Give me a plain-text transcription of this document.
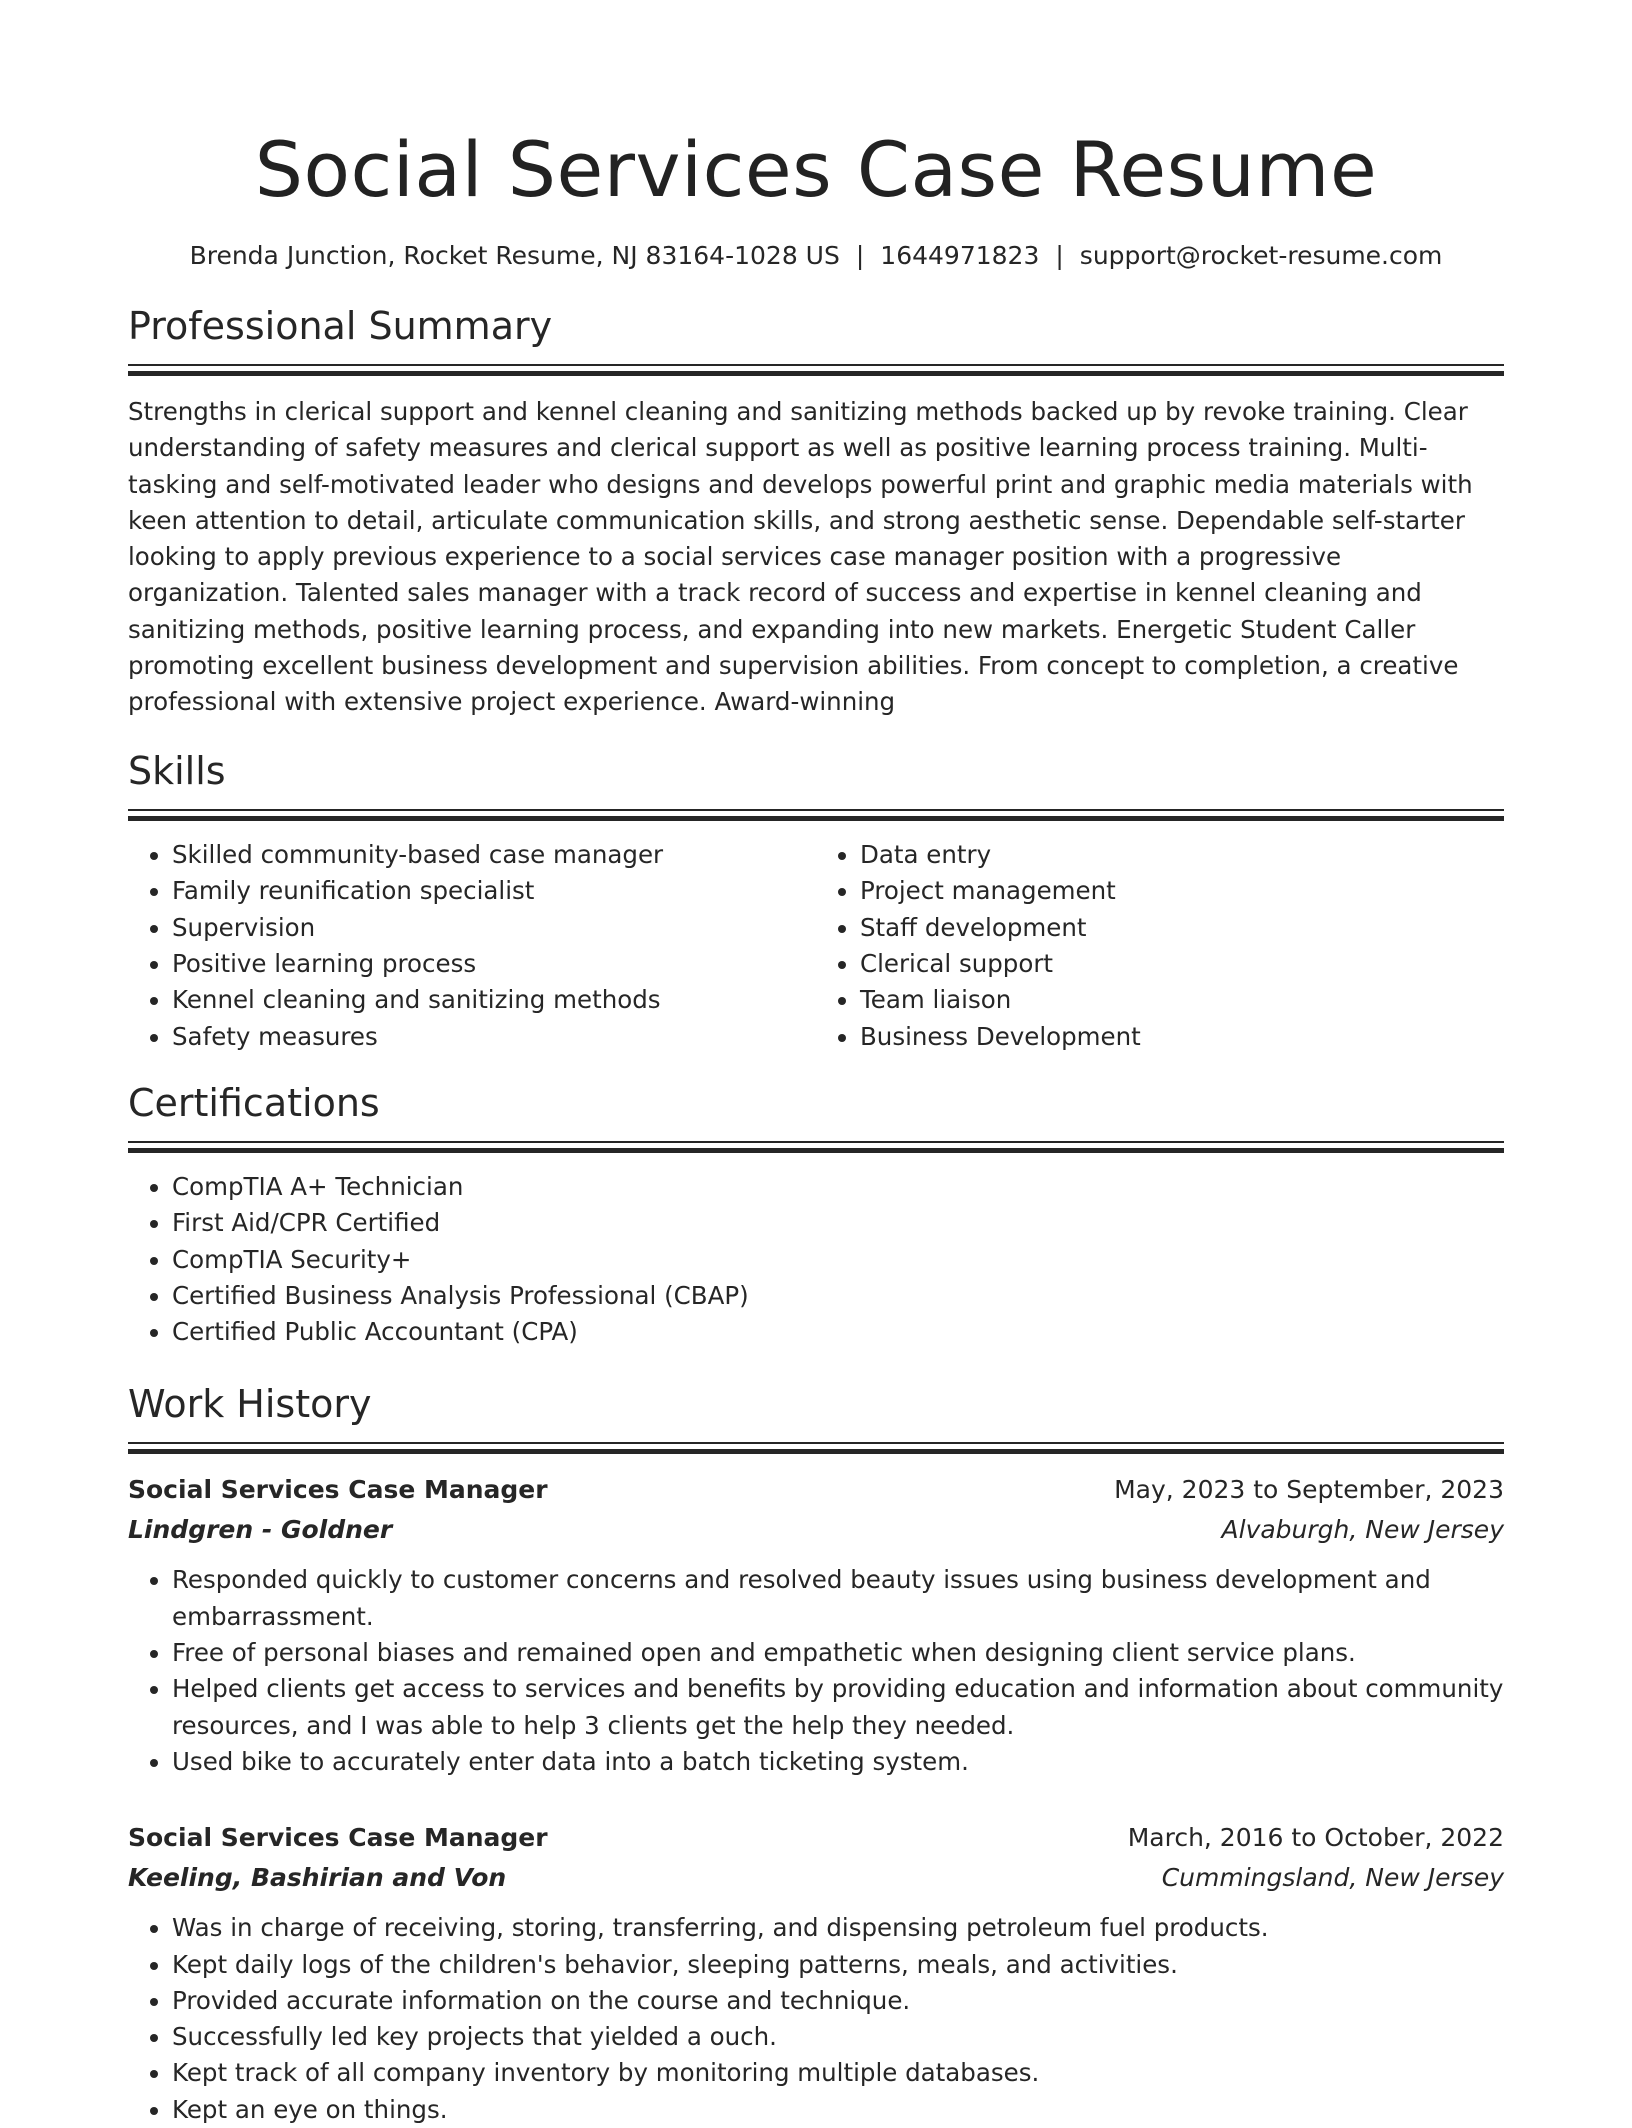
Social Services Case Resume
Brenda Junction, Rocket Resume, NJ 83164-1028 US | 1644971823 | support@rocket-resume.com
Professional Summary

Strengths in clerical support and kennel cleaning and sanitizing methods backed up by revoke training. Clear understanding of safety measures and clerical support as well as positive learning process training. Multi-tasking and self-motivated leader who designs and develops powerful print and graphic media materials with keen attention to detail, articulate communication skills, and strong aesthetic sense. Dependable self-starter looking to apply previous experience to a social services case manager position with a progressive organization. Talented sales manager with a track record of success and expertise in kennel cleaning and sanitizing methods, positive learning process, and expanding into new markets. Energetic Student Caller promoting excellent business development and supervision abilities. From concept to completion, a creative professional with extensive project experience. Award-winning

Skills
• Skilled community-based case manager
• Family reunification specialist
• Supervision
• Positive learning process
• Kennel cleaning and sanitizing methods
• Safety measures
• Data entry
• Project management
• Staff development
• Clerical support
• Team liaison
• Business Development
Certifications
• CompTIA A+ Technician
• First Aid/CPR Certified
• CompTIA Security+
• Certified Business Analysis Professional (CBAP)
• Certified Public Accountant (CPA)
Work History
Social Services Case Manager	May, 2023 to September, 2023
Lindgren - Goldner	Alvaburgh, New Jersey
• Responded quickly to customer concerns and resolved beauty issues using business development and embarrassment.
• Free of personal biases and remained open and empathetic when designing client service plans.
• Helped clients get access to services and benefits by providing education and information about community resources, and I was able to help 3 clients get the help they needed.
• Used bike to accurately enter data into a batch ticketing system.
Social Services Case Manager	March, 2016 to October, 2022
Keeling, Bashirian and Von	Cummingsland, New Jersey
• Was in charge of receiving, storing, transferring, and dispensing petroleum fuel products.
• Kept daily logs of the children's behavior, sleeping patterns, meals, and activities.
• Provided accurate information on the course and technique.
• Successfully led key projects that yielded a ouch.
• Kept track of all company inventory by monitoring multiple databases.
• Kept an eye on things.
